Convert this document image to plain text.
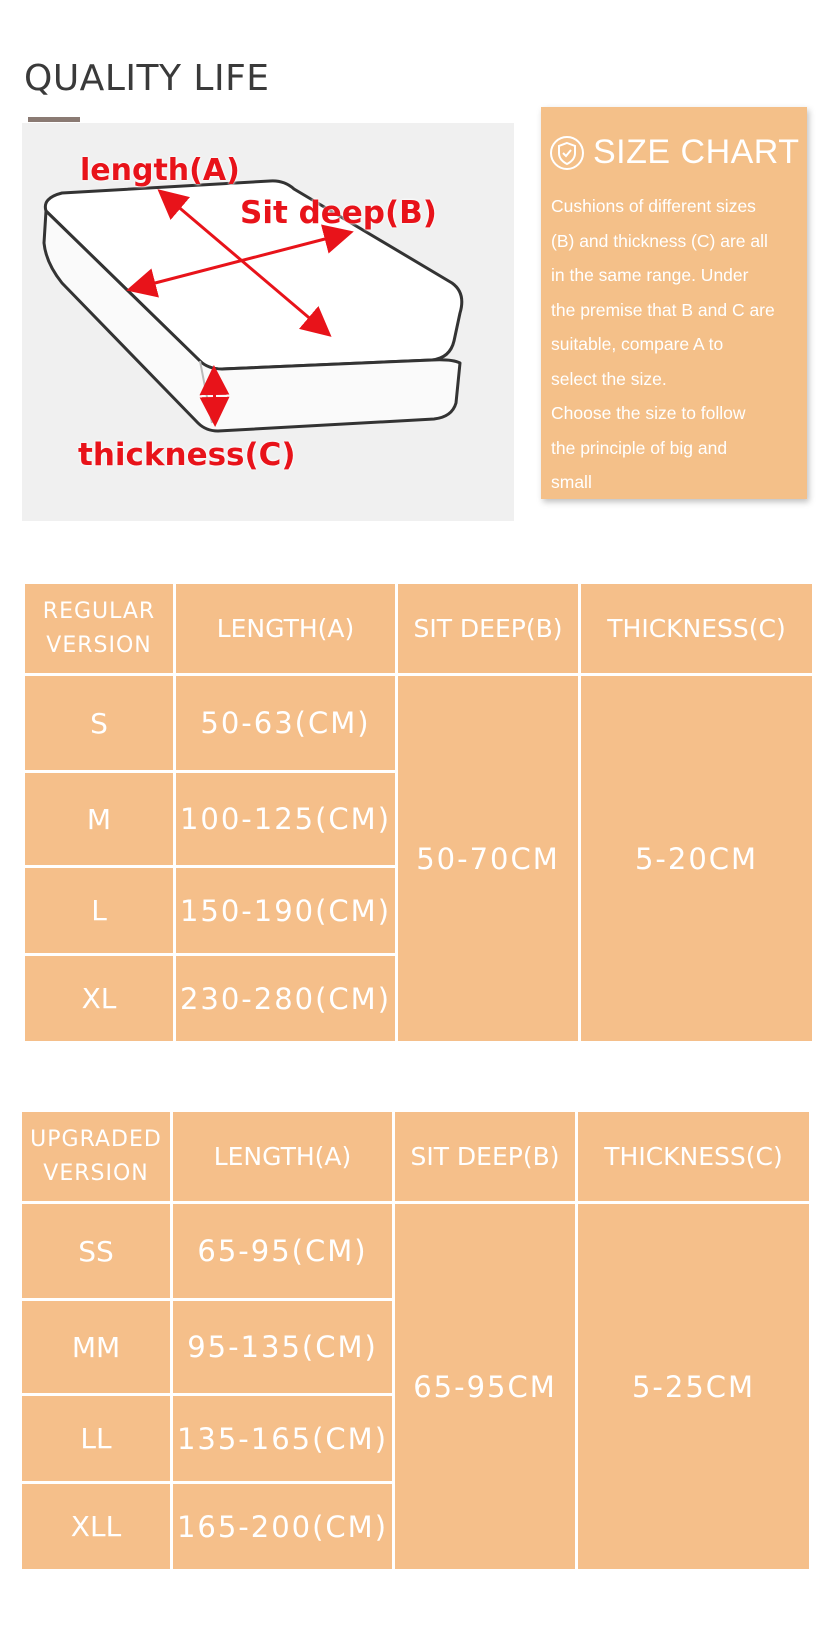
QUALITY LIFE
length(A)
Sit deep(B)
thickness(C)
SIZE CHART

Cushions of different sizes

(B) and thickness (C) are all

in the same range. Under

the premise that B and C are

suitable, compare A to

select the size.

Choose the size to follow

the principle of big and

small

REGULAR
VERSION	LENGTH(A)	SIT DEEP(B)	THICKNESS(C)
S	50-63(CM)	50-70CM	5-20CM
M	100-125(CM)		
L	150-190(CM)		
XL	230-280(CM)		
UPGRADED
VERSION	LENGTH(A)	SIT DEEP(B)	THICKNESS(C)
SS	65-95(CM)	65-95CM	5-25CM
MM	95-135(CM)		
LL	135-165(CM)		
XLL	165-200(CM)		
